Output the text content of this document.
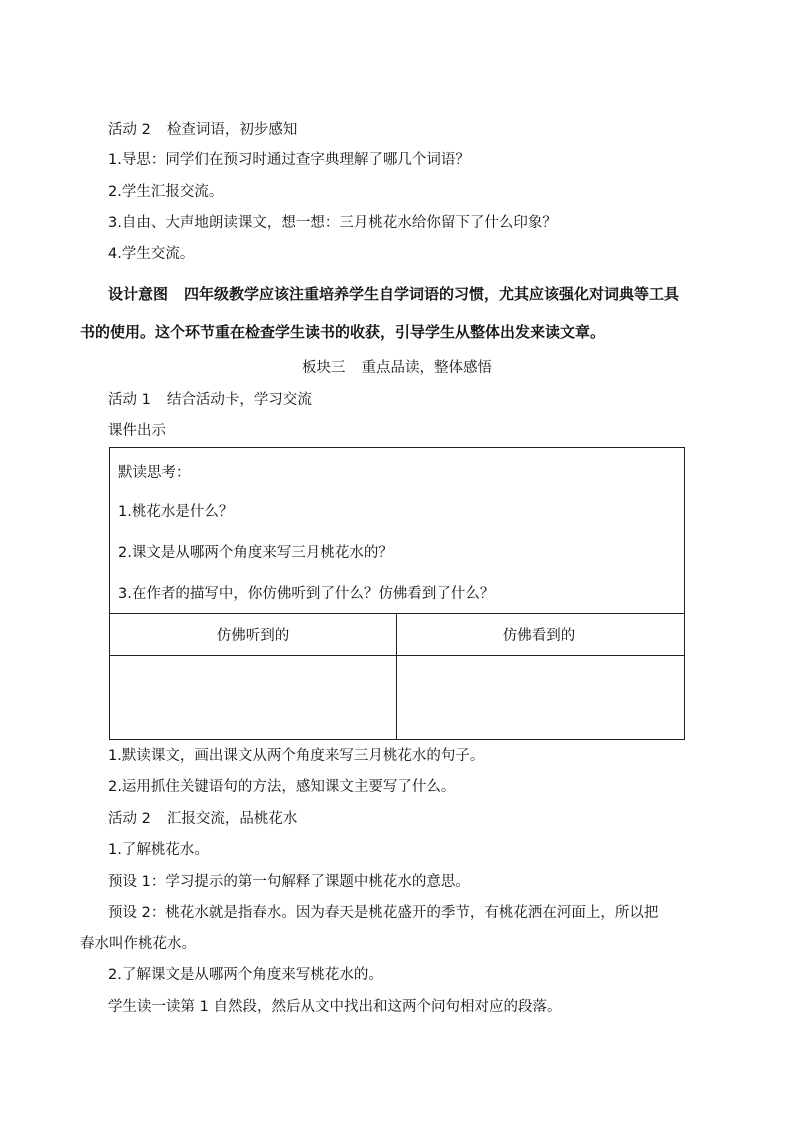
活动 2 检查词语，初步感知
1.导思：同学们在预习时通过查字典理解了哪几个词语？
2.学生汇报交流。
3.自由、大声地朗读课文，想一想：三月桃花水给你留下了什么印象？
4.学生交流。
设计意图 四年级教学应该注重培养学生自学词语的习惯，尤其应该强化对词典等工具
书的使用。这个环节重在检查学生读书的收获，引导学生从整体出发来读文章。
板块三 重点品读，整体感悟
活动 1 结合活动卡，学习交流
课件出示
默读思考：
1.桃花水是什么？
2.课文是从哪两个角度来写三月桃花水的？
3.在作者的描写中，你仿佛听到了什么？仿佛看到了什么？
仿佛听到的	仿佛看到的
1.默读课文，画出课文从两个角度来写三月桃花水的句子。
2.运用抓住关键语句的方法，感知课文主要写了什么。
活动 2 汇报交流，品桃花水
1.了解桃花水。
预设 1：学习提示的第一句解释了课题中桃花水的意思。
预设 2：桃花水就是指春水。因为春天是桃花盛开的季节，有桃花洒在河面上，所以把
春水叫作桃花水。
2.了解课文是从哪两个角度来写桃花水的。
学生读一读第 1 自然段，然后从文中找出和这两个问句相对应的段落。
